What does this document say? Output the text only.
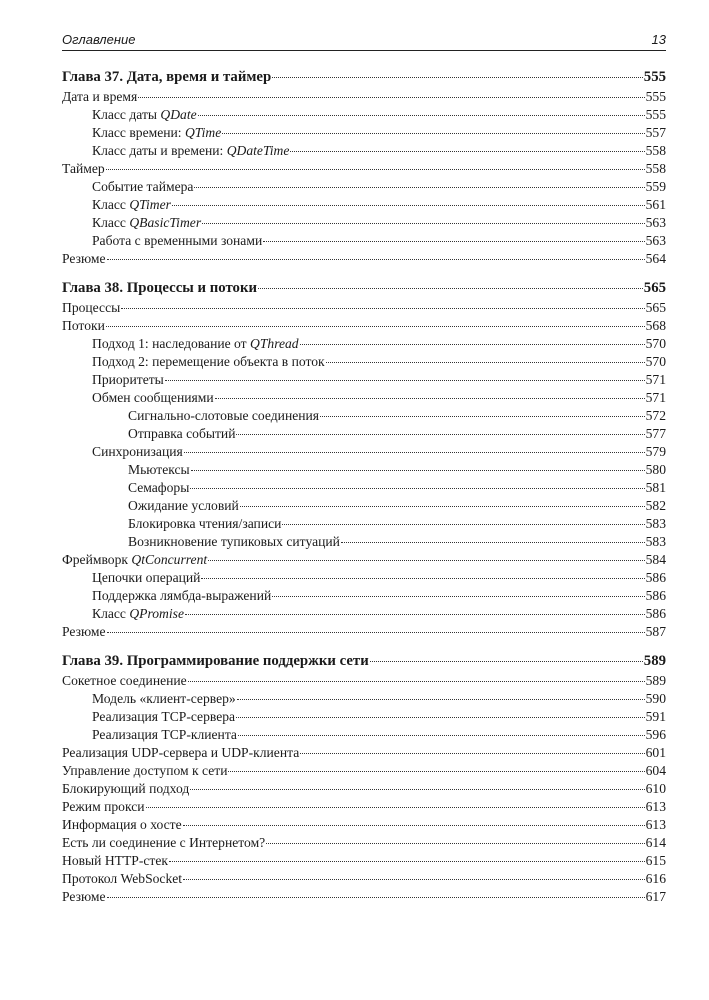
Оглавление	13
Глава 37. Дата, время и таймер	555
Дата и время	555
Класс даты QDate	555
Класс времени: QTime	557
Класс даты и времени: QDateTime	558
Таймер	558
Событие таймера	559
Класс QTimer	561
Класс QBasicTimer	563
Работа с временными зонами	563
Резюме	564
Глава 38. Процессы и потоки	565
Процессы	565
Потоки	568
Подход 1: наследование от QThread	570
Подход 2: перемещение объекта в поток	570
Приоритеты	571
Обмен сообщениями	571
Сигнально-слотовые соединения	572
Отправка событий	577
Синхронизация	579
Мьютексы	580
Семафоры	581
Ожидание условий	582
Блокировка чтения/записи	583
Возникновение тупиковых ситуаций	583
Фреймворк QtConcurrent	584
Цепочки операций	586
Поддержка лямбда-выражений	586
Класс QPromise	586
Резюме	587
Глава 39. Программирование поддержки сети	589
Сокетное соединение	589
Модель «клиент-сервер»	590
Реализация TCP-сервера	591
Реализация TCP-клиента	596
Реализация UDP-сервера и UDP-клиента	601
Управление доступом к сети	604
Блокирующий подход	610
Режим прокси	613
Информация о хосте	613
Есть ли соединение с Интернетом?	614
Новый HTTP-стек	615
Протокол WebSocket	616
Резюме	617
